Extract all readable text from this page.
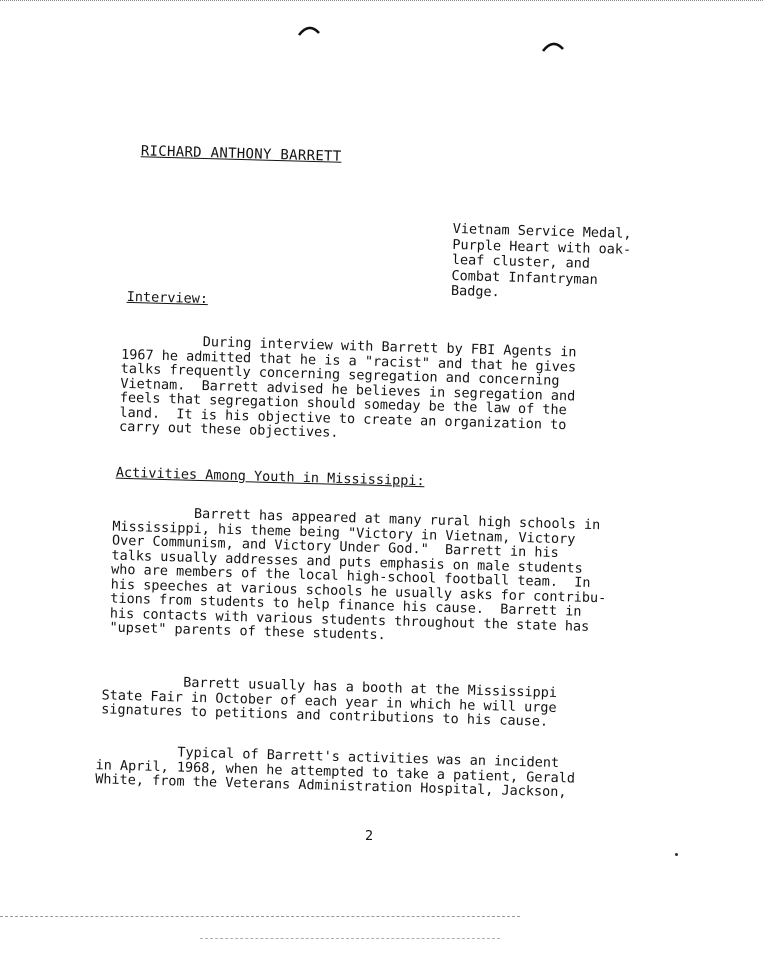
RICHARD ANTHONY BARRETT
Vietnam Service Medal,
Purple Heart with oak-
leaf cluster, and
Combat Infantryman
Badge.
Interview:
During interview with Barrett by FBI Agents in
1967 he admitted that he is a "racist" and that he gives
talks frequently concerning segregation and concerning
Vietnam.  Barrett advised he believes in segregation and
feels that segregation should someday be the law of the
land.  It is his objective to create an organization to
carry out these objectives.
Activities Among Youth in Mississippi:
Barrett has appeared at many rural high schools in
Mississippi, his theme being "Victory in Vietnam, Victory
Over Communism, and Victory Under God."  Barrett in his
talks usually addresses and puts emphasis on male students
who are members of the local high-school football team.  In
his speeches at various schools he usually asks for contribu-
tions from students to help finance his cause.  Barrett in
his contacts with various students throughout the state has
"upset" parents of these students.
Barrett usually has a booth at the Mississippi
State Fair in October of each year in which he will urge
signatures to petitions and contributions to his cause.
Typical of Barrett's activities was an incident
in April, 1968, when he attempted to take a patient, Gerald
White, from the Veterans Administration Hospital, Jackson,
2
